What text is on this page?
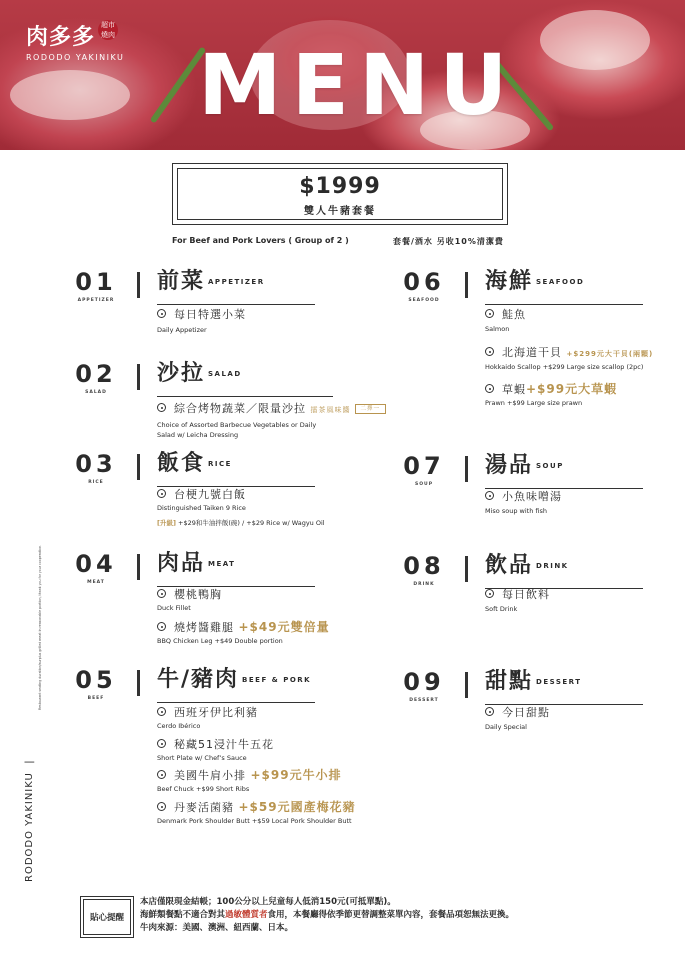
肉多多 超市燒肉
RODODO YAKINIKU MENU
$1999
雙人牛豬套餐
For Beef and Pork Lovers ( Group of 2 )	套餐/酒水 另收10%清潔費
01
APPETIZER
前菜 APPETIZER
每日特選小菜
Daily Appetizer
02
SALAD
沙拉 SALAD
綜合烤物蔬菜／限量沙拉 擂茶風味醬 二擇一
Choice of Assorted Barbecue Vegetables or Daily
Salad w/ Leicha Dressing
03
RICE
飯食 RICE
台梗九號白飯
Distinguished Taiken 9 Rice
[升級] +$29和牛油拌飯(碗) / +$29 Rice w/ Wagyu Oil
04
MEAT
肉品 MEAT
櫻桃鴨胸
Duck Fillet
燒烤醬雞腿 +$49元雙倍量
BBQ Chicken Leg +$49 Double portion
05
BEEF
牛/豬肉 BEEF & PORK
西班牙伊比利豬
Cerdo Ibérico
秘藏51浸汁牛五花
Short Plate w/ Chef’s Sauce
美國牛肩小排 +$99元牛小排
Beef Chuck +$99 Short Ribs
丹麥活菌豬 +$59元國產梅花豬
Denmark Pork Shoulder Butt +$59 Local Pork Shoulder Butt
06
SEAFOOD
海鮮 SEAFOOD
鮭魚
Salmon
北海道干貝 +$299元大干貝(兩顆)
Hokkaido Scallop +$299 Large size scallop (2pc)
草蝦+$99元大草蝦
Prawn +$99 Large size prawn
07
SOUP
湯品 SOUP
小魚味噌湯
Miso soup with fish
08
DRINK
飲品 DRINK
每日飲料
Soft Drink
09
DESSERT
甜點 DESSERT
今日甜點
Daily Special
RODODO YAKINIKU  |
Restaurant seating duration/surplus grilled meat in reasonable portion, thank you for your cooperation.
貼心提醒
本店僅限現金結帳；100公分以上兒童每人低消150元(可抵單點)。
海鮮類餐點不適合對其過敏體質者食用，本餐廳得依季節更替調整菜單內容，套餐品項恕無法更換。
牛肉來源：美國、澳洲、紐西蘭、日本。
